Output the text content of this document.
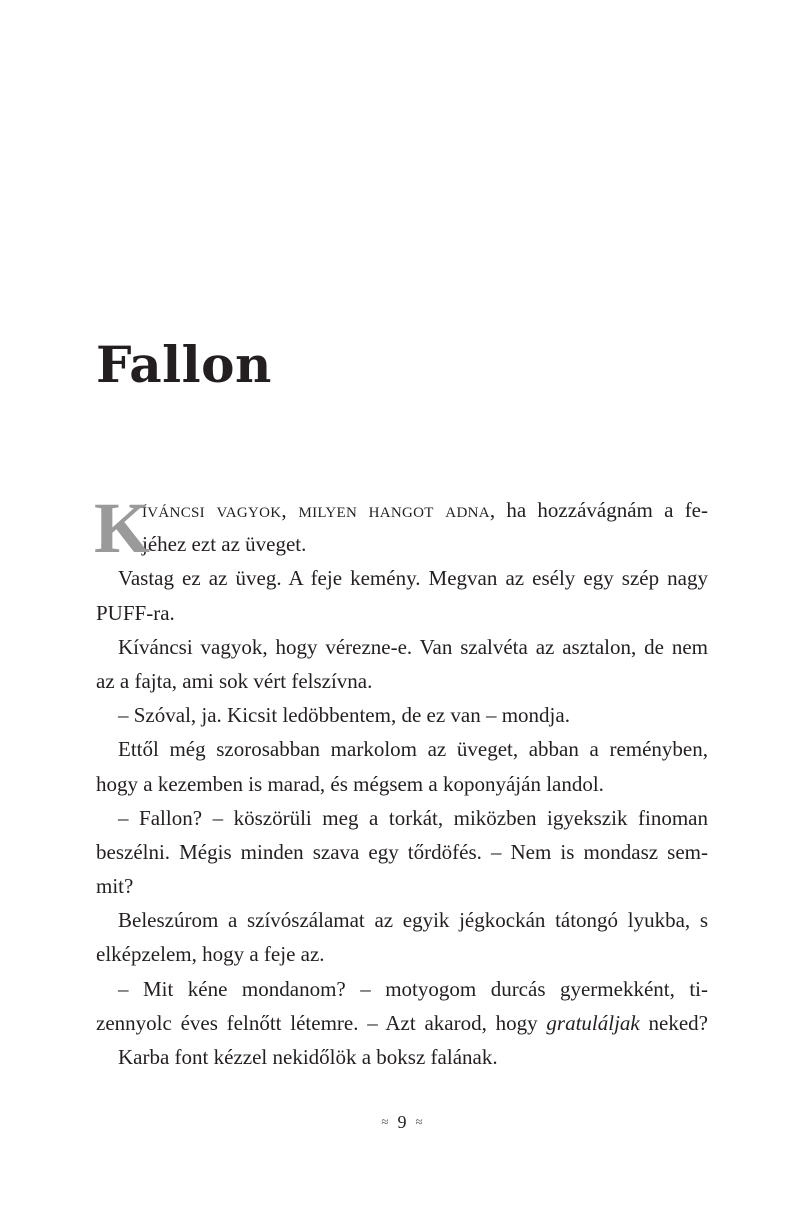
Fallon
K
íváncsi vagyok, milyen hangot adna, ha hozzávágnám a fe-
jéhez ezt az üveget.
Vastag ez az üveg. A feje kemény. Megvan az esély egy szép nagy
PUFF-ra.
Kíváncsi vagyok, hogy vérezne-e. Van szalvéta az asztalon, de nem
az a fajta, ami sok vért felszívna.
– Szóval, ja. Kicsit ledöbbentem, de ez van – mondja.
Ettől még szorosabban markolom az üveget, abban a reményben,
hogy a kezemben is marad, és mégsem a koponyáján landol.
– Fallon? – köszörüli meg a torkát, miközben igyekszik finoman
beszélni. Mégis minden szava egy tőrdöfés. – Nem is mondasz sem-
mit?
Beleszúrom a szívószálamat az egyik jégkockán tátongó lyukba, s
elképzelem, hogy a feje az.
– Mit kéne mondanom? – motyogom durcás gyermekként, ti-
zennyolc éves felnőtt létemre. – Azt akarod, hogy gratuláljak neked?
Karba font kézzel nekidőlök a boksz falának.
≈ 9 ≈
